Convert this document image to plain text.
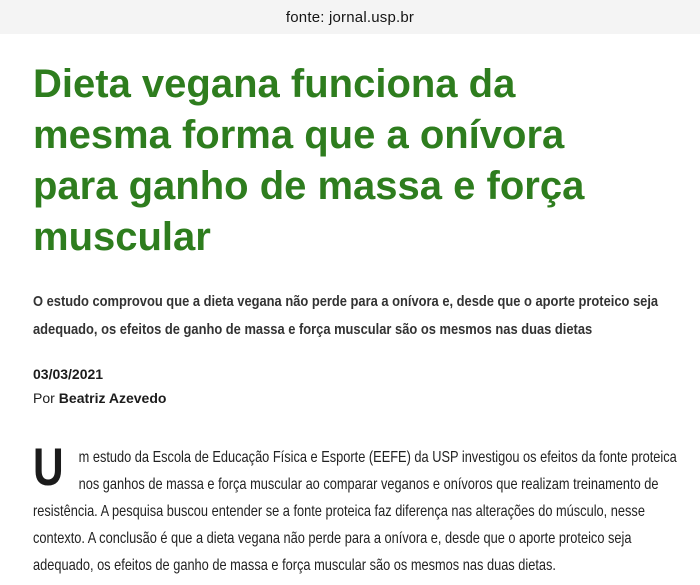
fonte: jornal.usp.br
Dieta vegana funciona da
mesma forma que a onívora
para ganho de massa e força
muscular
O estudo comprovou que a dieta vegana não perde para a onívora e, desde que o aporte proteico seja
adequado, os efeitos de ganho de massa e força muscular são os mesmos nas duas dietas
03/03/2021
Por Beatriz Azevedo
U m estudo da Escola de Educação Física e Esporte (EEFE) da USP investigou os efeitos da fonte proteica
nos ganhos de massa e força muscular ao comparar veganos e onívoros que realizam treinamento de
resistência. A pesquisa buscou entender se a fonte proteica faz diferença nas alterações do músculo, nesse
contexto. A conclusão é que a dieta vegana não perde para a onívora e, desde que o aporte proteico seja
adequado, os efeitos de ganho de massa e força muscular são os mesmos nas duas dietas.
